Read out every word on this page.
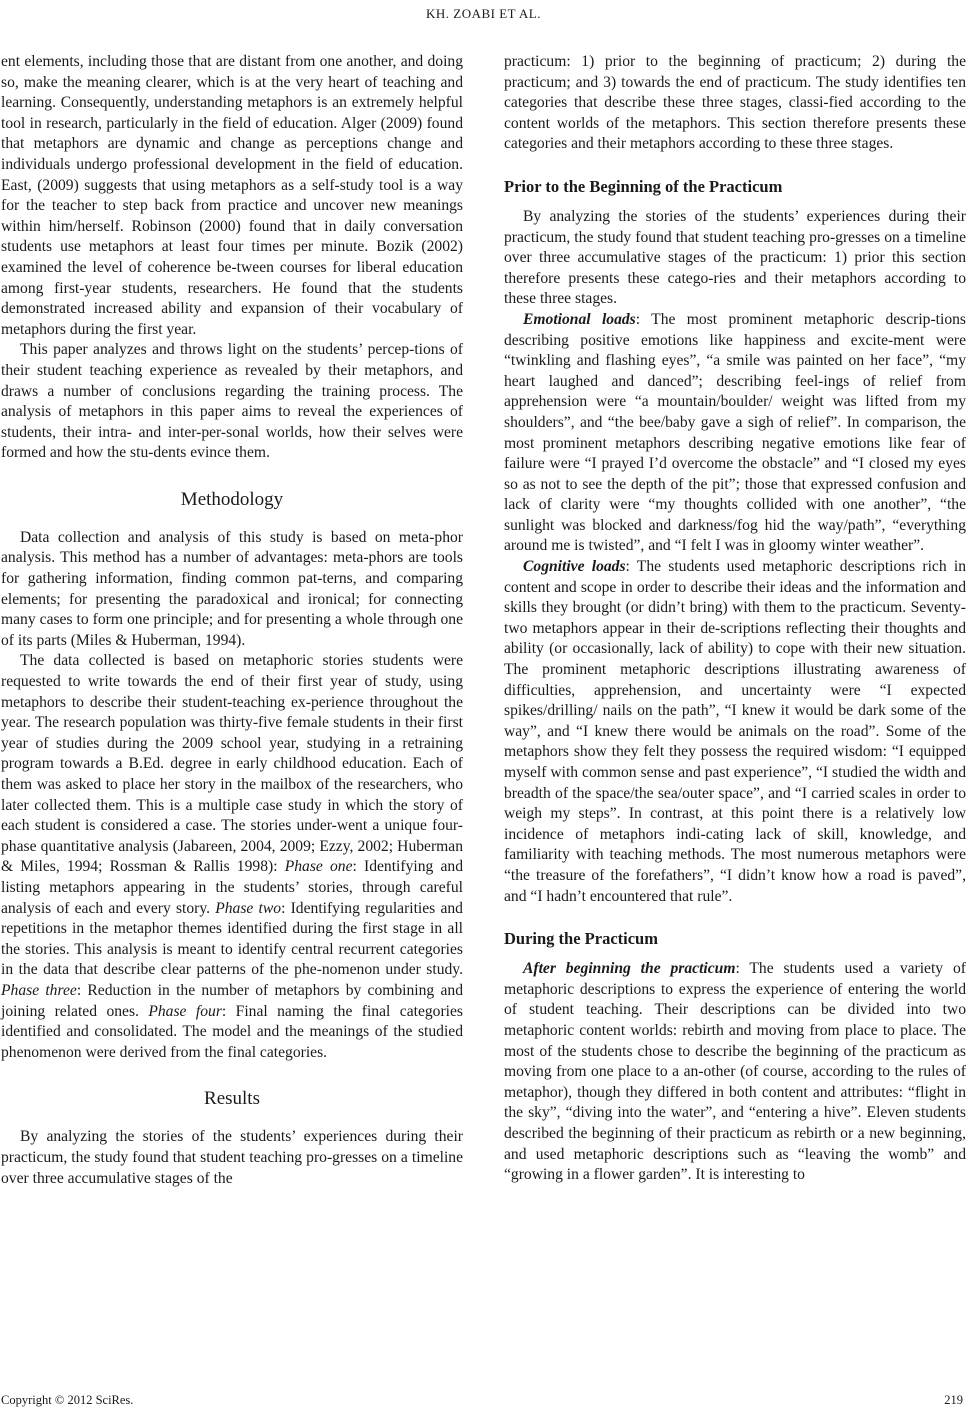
KH. ZOABI ET AL.

ent elements, including those that are distant from one another, and doing so, make the meaning clearer, which is at the very heart of teaching and learning. Consequently, understanding metaphors is an extremely helpful tool in research, particularly in the field of education. Alger (2009) found that metaphors are dynamic and change as perceptions change and individuals undergo professional development in the field of education. East, (2009) suggests that using metaphors as a self-study tool is a way for the teacher to step back from practice and uncover new meanings within him/herself. Robinson (2000) found that in daily conversation students use metaphors at least four times per minute. Bozik (2002) examined the level of coherence be-tween courses for liberal education among first-year students, researchers. He found that the students demonstrated increased ability and expansion of their vocabulary of metaphors during the first year.

This paper analyzes and throws light on the students’ percep-tions of their student teaching experience as revealed by their metaphors, and draws a number of conclusions regarding the training process. The analysis of metaphors in this paper aims to reveal the experiences of students, their intra- and inter-per-sonal worlds, how their selves were formed and how the stu-dents evince them.

Methodology

Data collection and analysis of this study is based on meta-phor analysis. This method has a number of advantages: meta-phors are tools for gathering information, finding common pat-terns, and comparing elements; for presenting the paradoxical and ironical; for connecting many cases to form one principle; and for presenting a whole through one of its parts (Miles & Huberman, 1994).

The data collected is based on metaphoric stories students were requested to write towards the end of their first year of study, using metaphors to describe their student-teaching ex-perience throughout the year. The research population was thirty-five female students in their first year of studies during the 2009 school year, studying in a retraining program towards a B.Ed. degree in early childhood education. Each of them was asked to place her story in the mailbox of the researchers, who later collected them. This is a multiple case study in which the story of each student is considered a case. The stories under-went a unique four-phase quantitative analysis (Jabareen, 2004, 2009; Ezzy, 2002; Huberman & Miles, 1994; Rossman & Rallis 1998): Phase one: Identifying and listing metaphors appearing in the students’ stories, through careful analysis of each and every story. Phase two: Identifying regularities and repetitions in the metaphor themes identified during the first stage in all the stories. This analysis is meant to identify central recurrent categories in the data that describe clear patterns of the phe-nomenon under study. Phase three: Reduction in the number of metaphors by combining and joining related ones. Phase four: Final naming the final categories identified and consolidated. The model and the meanings of the studied phenomenon were derived from the final categories.

Results

By analyzing the stories of the students’ experiences during their practicum, the study found that student teaching pro-gresses on a timeline over three accumulative stages of the

practicum: 1) prior to the beginning of practicum; 2) during the practicum; and 3) towards the end of practicum. The study identifies ten categories that describe these three stages, classi-fied according to the content worlds of the metaphors. This section therefore presents these categories and their metaphors according to these three stages.

Prior to the Beginning of the Practicum

By analyzing the stories of the students’ experiences during their practicum, the study found that student teaching pro-gresses on a timeline over three accumulative stages of the practicum: 1) prior this section therefore presents these catego-ries and their metaphors according to these three stages.

Emotional loads: The most prominent metaphoric descrip-tions describing positive emotions like happiness and excite-ment were “twinkling and flashing eyes”, “a smile was painted on her face”, “my heart laughed and danced”; describing feel-ings of relief from apprehension were “a mountain/boulder/ weight was lifted from my shoulders”, and “the bee/baby gave a sigh of relief”. In comparison, the most prominent metaphors describing negative emotions like fear of failure were “I prayed I’d overcome the obstacle” and “I closed my eyes so as not to see the depth of the pit”; those that expressed confusion and lack of clarity were “my thoughts collided with one another”, “the sunlight was blocked and darkness/fog hid the way/path”, “everything around me is twisted”, and “I felt I was in gloomy winter weather”.

Cognitive loads: The students used metaphoric descriptions rich in content and scope in order to describe their ideas and the information and skills they brought (or didn’t bring) with them to the practicum. Seventy-two metaphors appear in their de-scriptions reflecting their thoughts and ability (or occasionally, lack of ability) to cope with their new situation. The prominent metaphoric descriptions illustrating awareness of difficulties, apprehension, and uncertainty were “I expected spikes/drilling/ nails on the path”, “I knew it would be dark some of the way”, and “I knew there would be animals on the road”. Some of the metaphors show they felt they possess the required wisdom: “I equipped myself with common sense and past experience”, “I studied the width and breadth of the space/the sea/outer space”, and “I carried scales in order to weigh my steps”. In contrast, at this point there is a relatively low incidence of metaphors indi-cating lack of skill, knowledge, and familiarity with teaching methods. The most numerous metaphors were “the treasure of the forefathers”, “I didn’t know how a road is paved”, and “I hadn’t encountered that rule”.

During the Practicum

After beginning the practicum: The students used a variety of metaphoric descriptions to express the experience of entering the world of student teaching. Their descriptions can be divided into two metaphoric content worlds: rebirth and moving from place to place. The most of the students chose to describe the beginning of the practicum as moving from one place to a an-other (of course, according to the rules of metaphor), though they differed in both content and attributes: “flight in the sky”, “diving into the water”, and “entering a hive”. Eleven students described the beginning of their practicum as rebirth or a new beginning, and used metaphoric descriptions such as “leaving the womb” and “growing in a flower garden”. It is interesting to

Copyright © 2012 SciRes.	219
